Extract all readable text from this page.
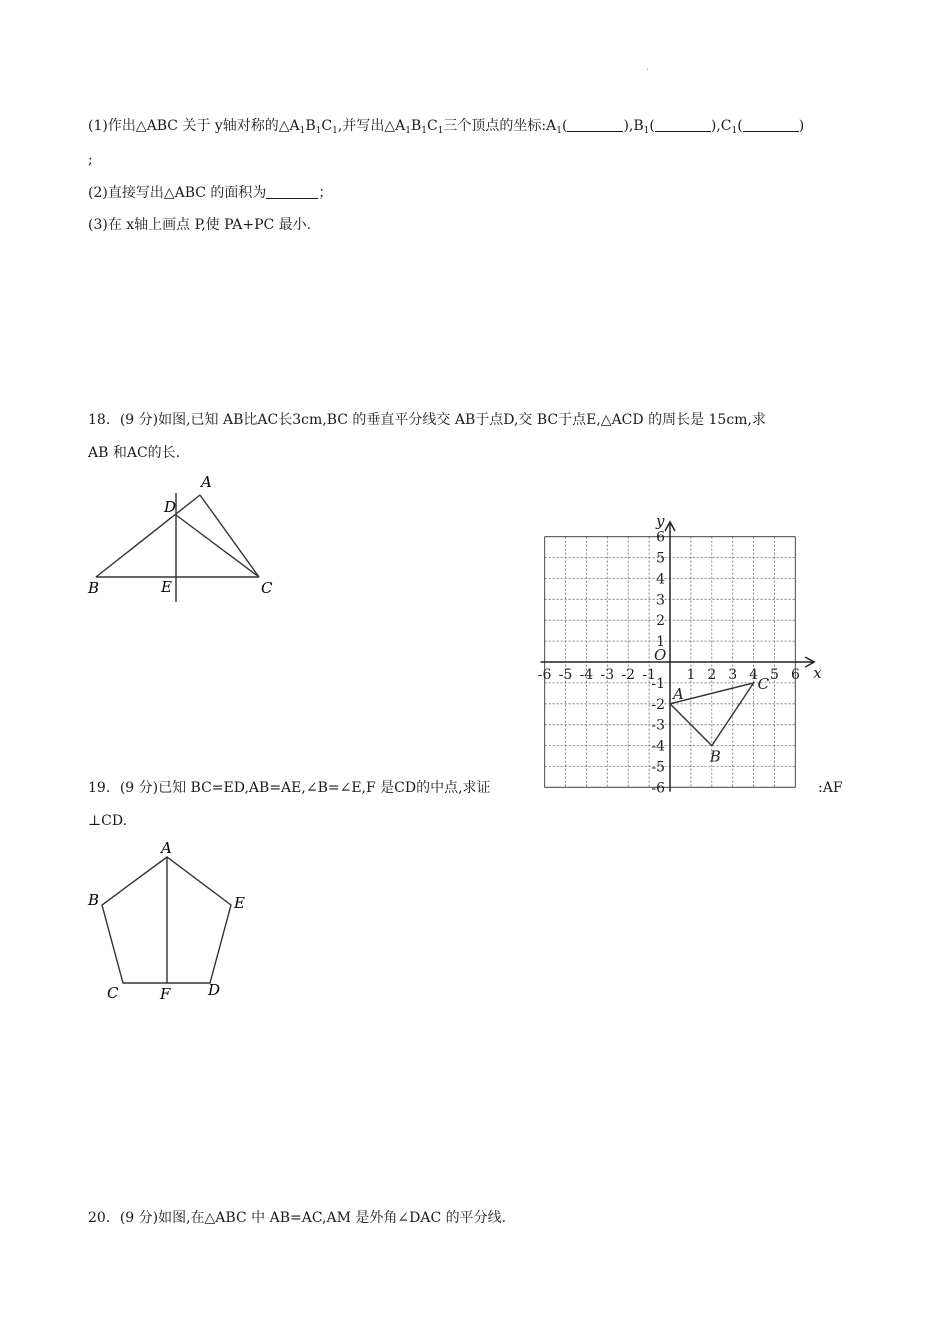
.
(1)作出△ABC 关于 y轴对称的$\triangle A_1B_1C_1$,并写出$\triangle A_1B_1C_1$三个顶点的坐标$:A_1$(	)$,B_1$(	)$,C_1$(	)
;
(2)直接写出△ABC 的面积为	；
(3)在 x轴上画点 P,使 PA+PC 最小.
18．(9 分)如图,已知 AB比AC长3cm,BC 的垂直平分线交 AB于点D,交 BC于点E,△ACD 的周长是 15cm,求
AB 和AC的长.
A
D
B	E	C
x
y
O
-6 -5 -4 -3 -2 -1 1 2 3 4 5 6
6
5
4
3
2
1
-1
-2
-3
-4
-5
-6
A
B
C
19．(9 分)已知 BC=ED,AB=AE,∠B=∠E,F 是CD的中点,求证	:AF
⊥CD.
A
B	E
C	F	D
20．(9 分)如图,在△ABC 中 AB=AC,AM 是外角∠DAC 的平分线.
